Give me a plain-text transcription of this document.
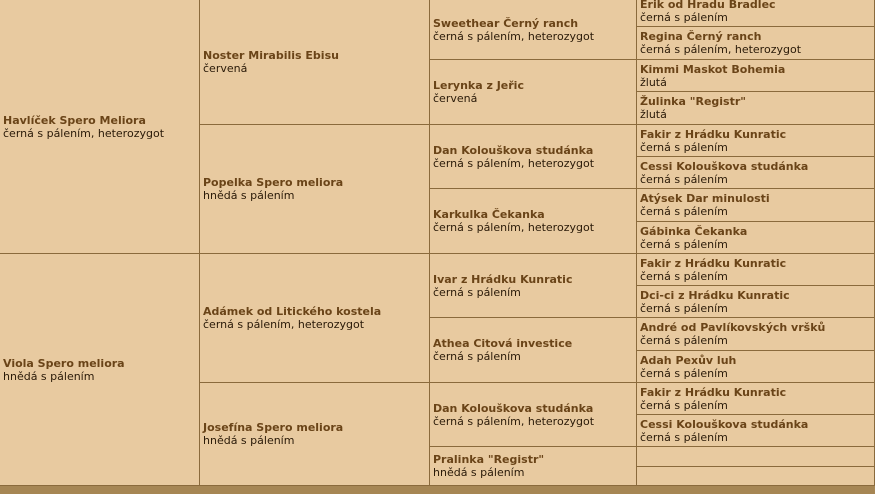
Havlíček Spero Meliora
černá s pálením, heterozygot
Viola Spero meliora
hnědá s pálením
Noster Mirabilis Ebisu
červená
Popelka Spero meliora
hnědá s pálením
Adámek od Litického kostela
černá s pálením, heterozygot
Josefína Spero meliora
hnědá s pálením
Sweethear Černý ranch
černá s pálením, heterozygot
Lerynka z Jeřic
červená
Dan Kolouškova studánka
černá s pálením, heterozygot
Karkulka Čekanka
černá s pálením, heterozygot
Ivar z Hrádku Kunratic
černá s pálením
Athea Citová investice
černá s pálením
Dan Kolouškova studánka
černá s pálením, heterozygot
Pralinka "Registr"
hnědá s pálením
Erik od Hradu Bradlec
černá s pálením
Regina Černý ranch
černá s pálením, heterozygot
Kimmi Maskot Bohemia
žlutá
Žulinka "Registr"
žlutá
Fakir z Hrádku Kunratic
černá s pálením
Cessi Kolouškova studánka
černá s pálením
Atýsek Dar minulosti
černá s pálením
Gábinka Čekanka
černá s pálením
Fakir z Hrádku Kunratic
černá s pálením
Dci-ci z Hrádku Kunratic
černá s pálením
André od Pavlíkovských vršků
černá s pálením
Adah Pexův luh
černá s pálením
Fakir z Hrádku Kunratic
černá s pálením
Cessi Kolouškova studánka
černá s pálením
